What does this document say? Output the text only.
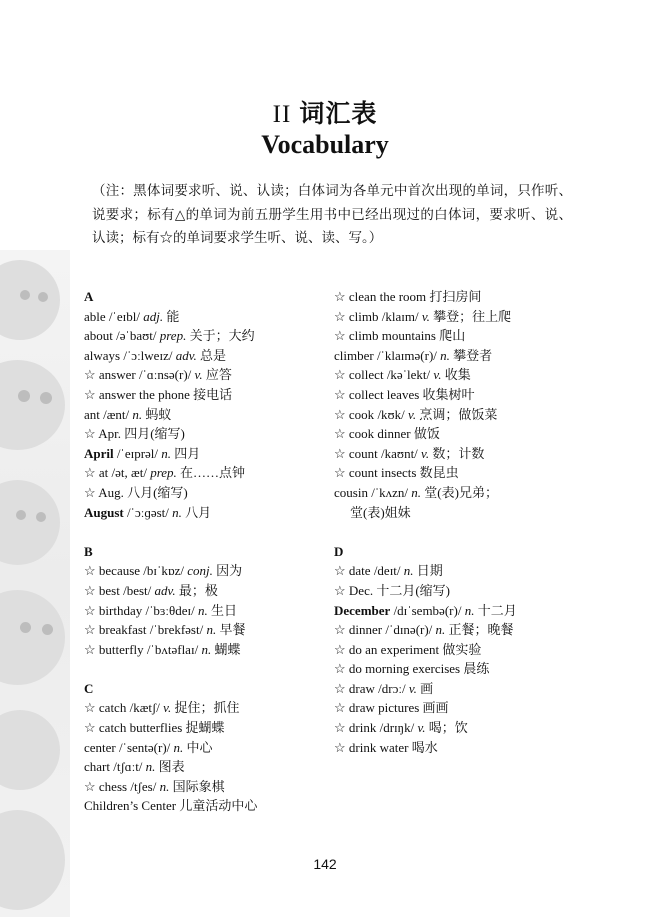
II 词汇表
Vocabulary
（注：黑体词要求听、说、认读；白体词为各单元中首次出现的单词，只作听、说要求；标有△的单词为前五册学生用书中已经出现过的白体词，要求听、说、认读；标有☆的单词要求学生听、说、读、写。）
A
able /ˈeɪbl/ adj. 能
about /əˈbaʊt/ prep. 关于；大约
always /ˈɔːlweɪz/ adv. 总是
☆ answer /ˈɑːnsə(r)/ v. 应答
☆ answer the phone 接电话
ant /ænt/ n. 蚂蚁
☆ Apr. 四月(缩写)
April /ˈeɪprəl/ n. 四月
☆ at /ət, æt/ prep. 在……点钟
☆ Aug. 八月(缩写)
August /ˈɔːɡəst/ n. 八月
B
☆ because /bɪˈkɒz/ conj. 因为
☆ best /best/ adv. 最；极
☆ birthday /ˈbɜːθdeɪ/ n. 生日
☆ breakfast /ˈbrekfəst/ n. 早餐
☆ butterfly /ˈbʌtəflaɪ/ n. 蝴蝶
C
☆ catch /kætʃ/ v. 捉住；抓住
☆ catch butterflies 捉蝴蝶
center /ˈsentə(r)/ n. 中心
chart /tʃɑːt/ n. 图表
☆ chess /tʃes/ n. 国际象棋
Children’s Center 儿童活动中心
☆ clean the room 打扫房间
☆ climb /klaɪm/ v. 攀登；往上爬
☆ climb mountains 爬山
climber /ˈklaɪmə(r)/ n. 攀登者
☆ collect /kəˈlekt/ v. 收集
☆ collect leaves 收集树叶
☆ cook /kʊk/ v. 烹调；做饭菜
☆ cook dinner 做饭
☆ count /kaʊnt/ v. 数；计数
☆ count insects 数昆虫
cousin /ˈkʌzn/ n. 堂(表)兄弟；
堂(表)姐妹
D
☆ date /deɪt/ n. 日期
☆ Dec. 十二月(缩写)
December /dɪˈsembə(r)/ n. 十二月
☆ dinner /ˈdɪnə(r)/ n. 正餐；晚餐
☆ do an experiment 做实验
☆ do morning exercises 晨练
☆ draw /drɔː/ v. 画
☆ draw pictures 画画
☆ drink /drɪŋk/ v. 喝；饮
☆ drink water 喝水
142
